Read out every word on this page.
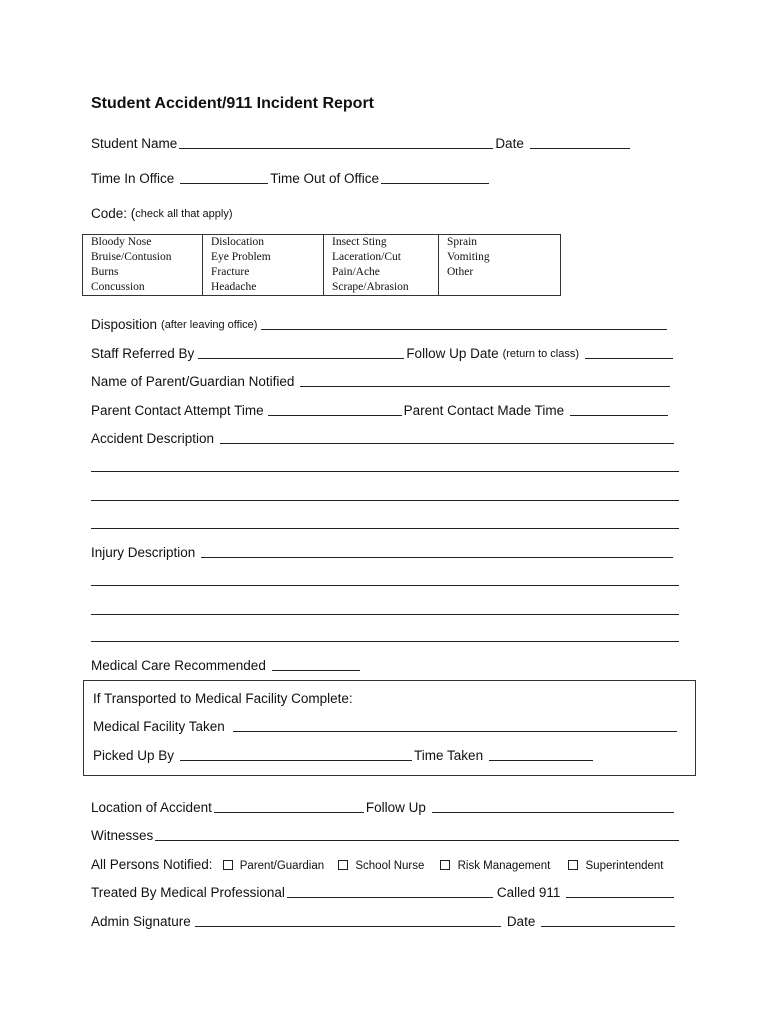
Student Accident/911 Incident Report
Student Name	Date
Time In Office	Time Out of Office
Code: ( check all that apply)
Bloody Nose	Dislocation	Insect Sting	Sprain
Bruise/Contusion	Eye Problem	Laceration/Cut	Vomiting
Burns	Fracture	Pain/Ache	Other
Concussion	Headache	Scrape/Abrasion	
Disposition (after leaving office)
Staff Referred By	Follow Up Date (return to class)
Name of Parent/Guardian Notified
Parent Contact Attempt Time	Parent Contact Made Time
Accident Description
Injury Description
Medical Care Recommended
If Transported to Medical Facility Complete:
Medical Facility Taken
Picked Up By	Time Taken
Location of Accident	Follow Up
Witnesses
All Persons Notified:	Parent/Guardian	School Nurse	Risk Management	Superintendent
Treated By Medical Professional	Called 911
Admin Signature	Date
